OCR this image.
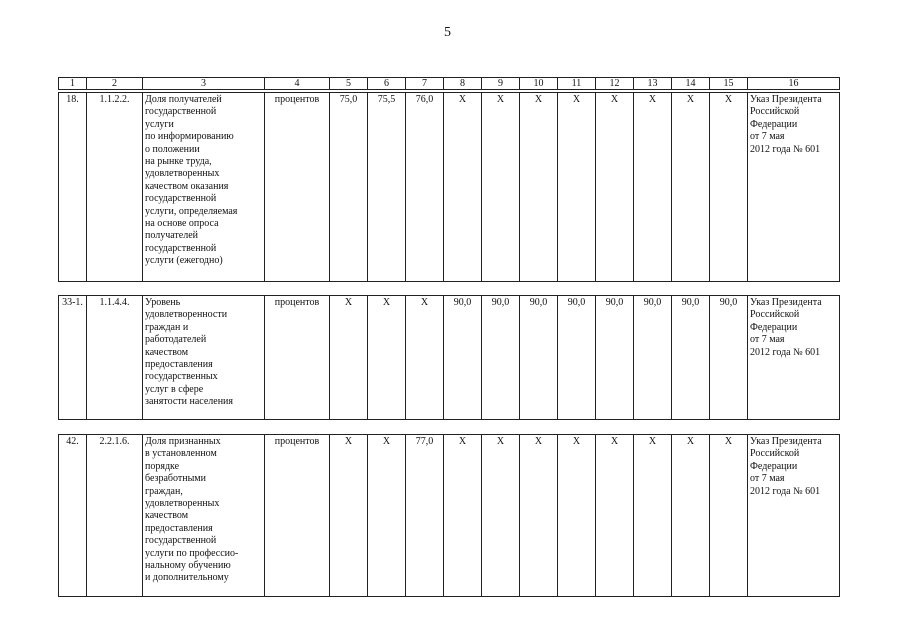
5
1	2	3	4	5	6	7	8	9	10	11	12	13	14	15	16
18.	1.1.2.2.	Доля получателей
государственной
услуги
по информированию
о положении
на рынке труда,
удовлетворенных
качеством оказания
государственной
услуги, определяемая
на основе опроса
получателей
государственной
услуги (ежегодно)
	процентов	75,0	75,5	76,0	Х	Х	Х	Х	Х	Х	Х	Х	Указ Президента
Российской
Федерации
от 7 мая
2012 года № 601
33-1.	1.1.4.4.	Уровень
удовлетворенности
граждан и
работодателей
качеством
предоставления
государственных
услуг в сфере
занятости населения
	процентов	Х	Х	Х	90,0	90,0	90,0	90,0	90,0	90,0	90,0	90,0	Указ Президента
Российской
Федерации
от 7 мая
2012 года № 601
42.	2.2.1.6.	Доля признанных
в установленном
порядке
безработными
граждан,
удовлетворенных
качеством
предоставления
государственной
услуги по профессио-
нальному обучению
и дополнительному
	процентов	Х	Х	77,0	Х	Х	Х	Х	Х	Х	Х	Х	Указ Президента
Российской
Федерации
от 7 мая
2012 года № 601
